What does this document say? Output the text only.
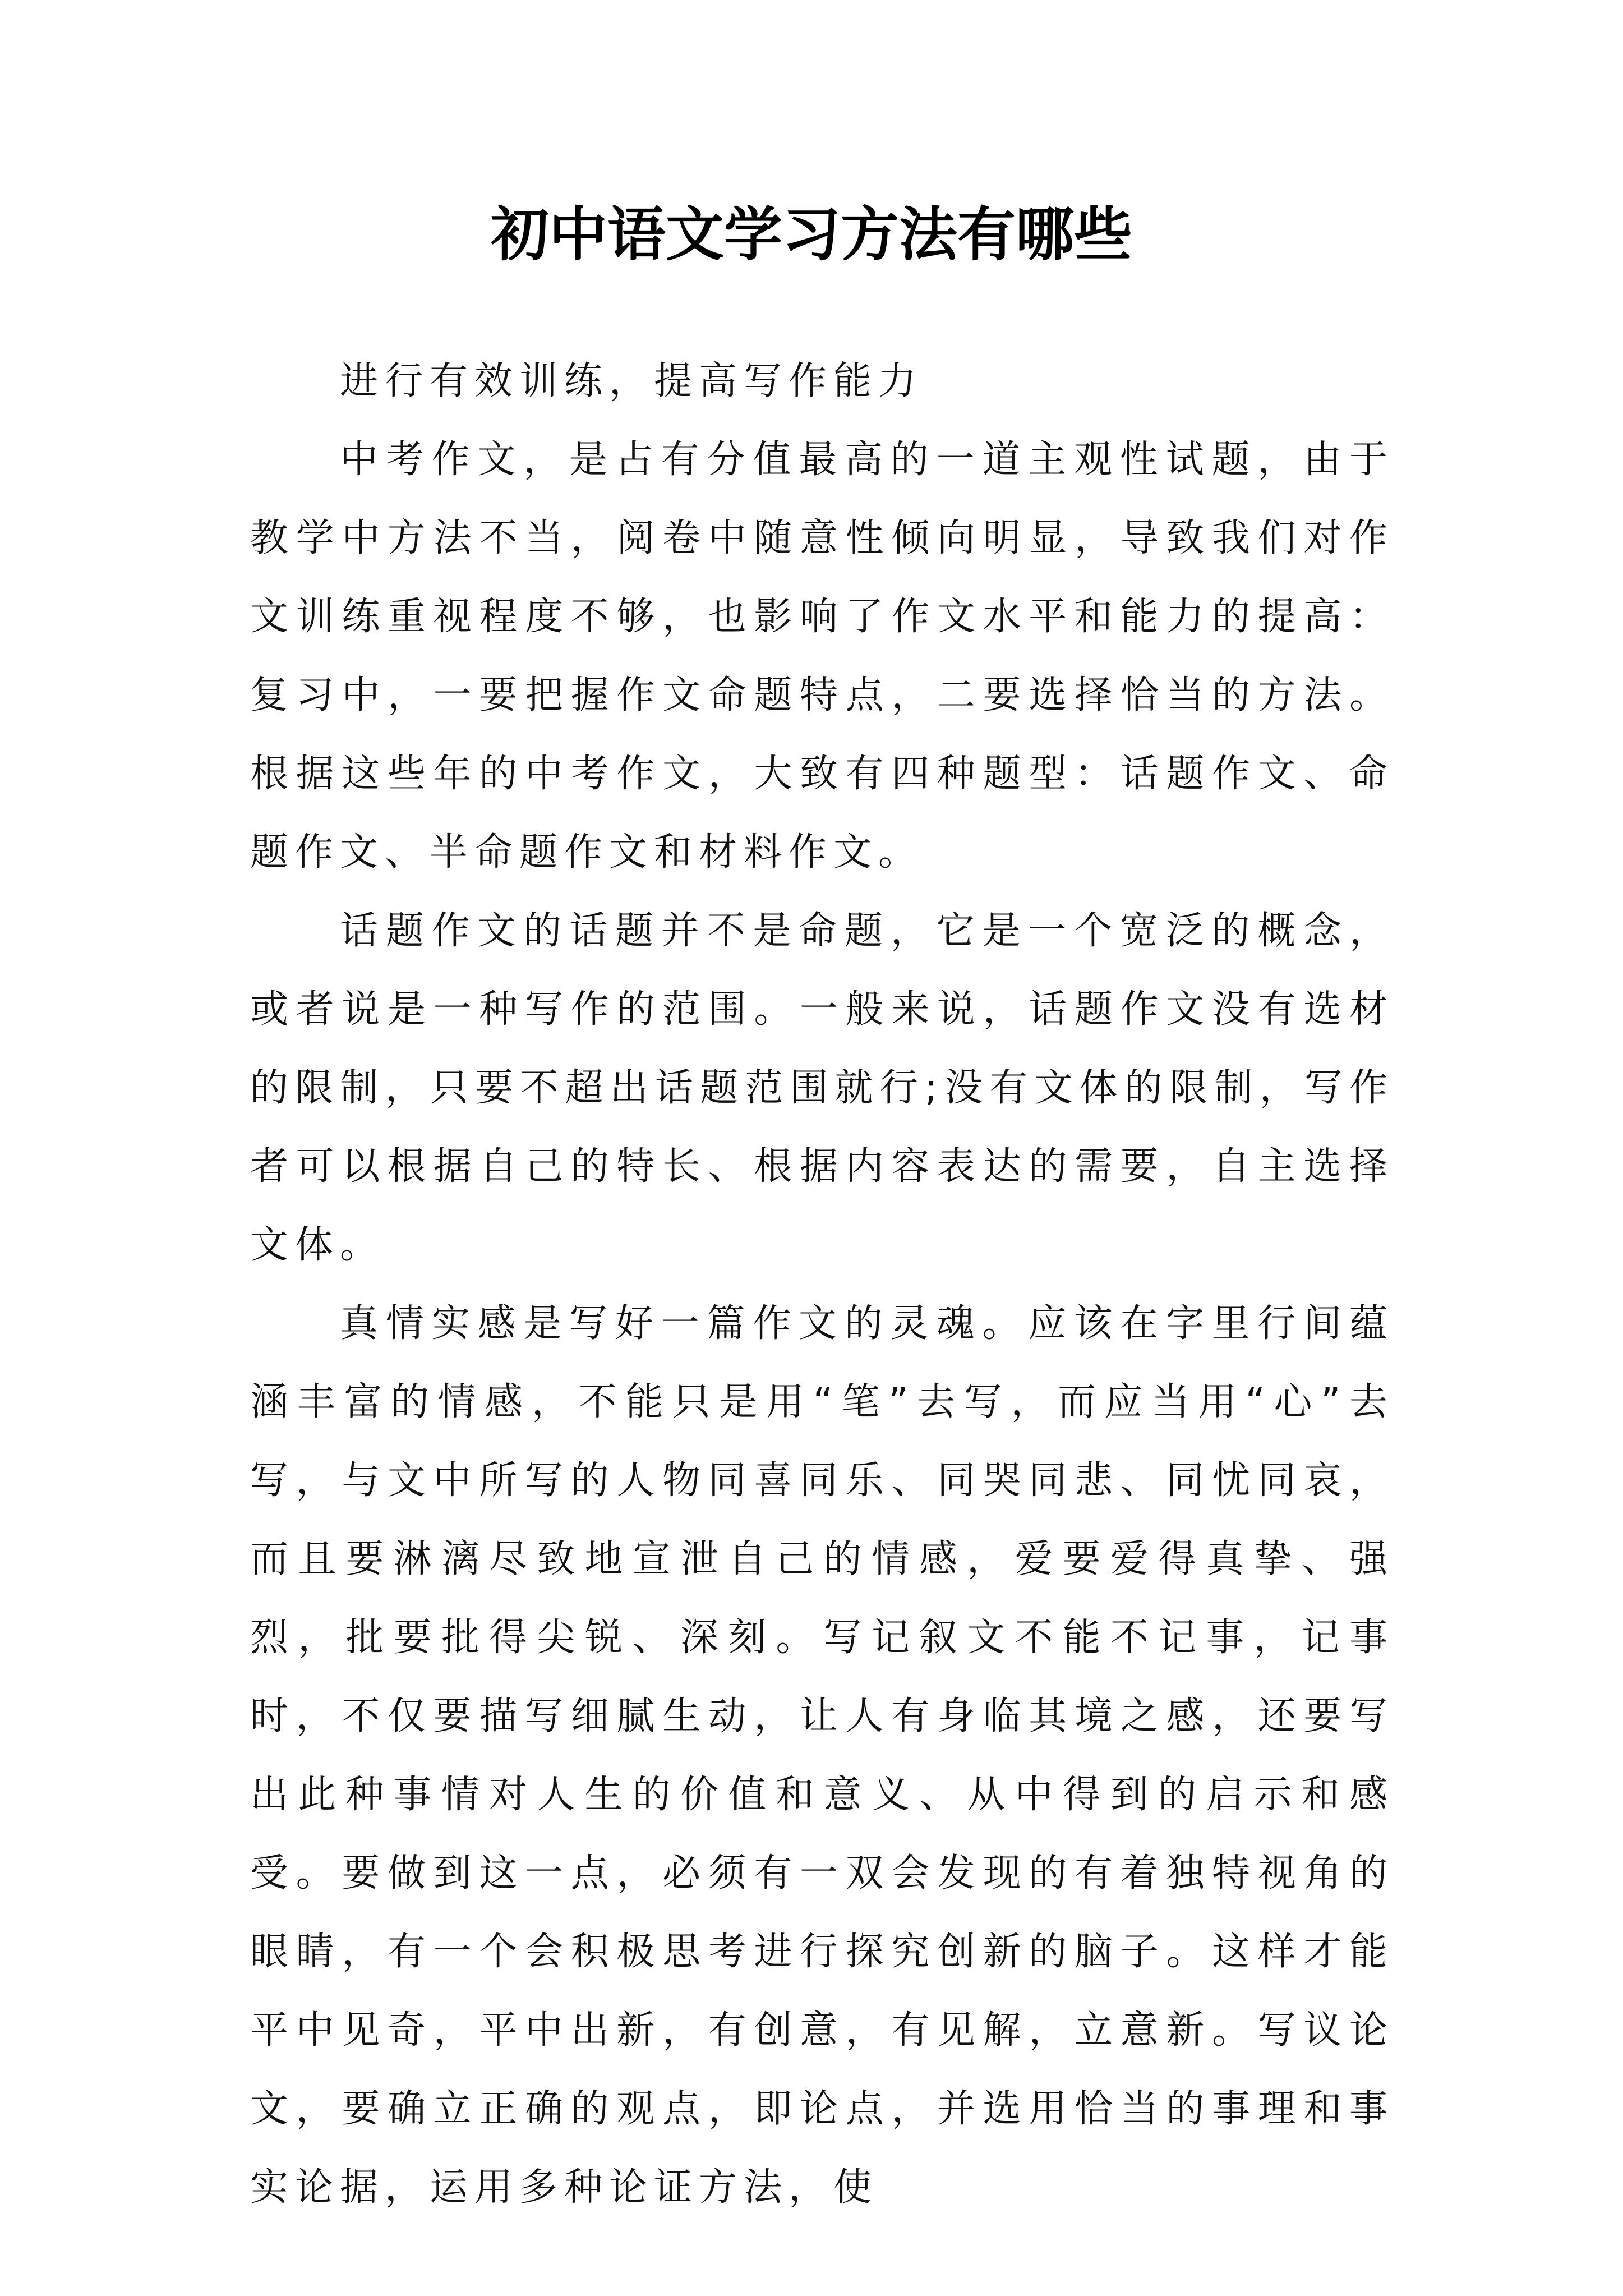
初中语文学习方法有哪些

进行有效训练，提高写作能力

中考作文，是占有分值最高的一道主观性试题，由于教学中方法不当，阅卷中随意性倾向明显，导致我们对作文训练重视程度不够，也影响了作文水平和能力的提高：复习中，一要把握作文命题特点，二要选择恰当的方法。根据这些年的中考作文，大致有四种题型：话题作文、命题作文、半命题作文和材料作文。

话题作文的话题并不是命题，它是一个宽泛的概念，或者说是一种写作的范围。一般来说，话题作文没有选材的限制，只要不超出话题范围就行;没有文体的限制，写作者可以根据自己的特长、根据内容表达的需要，自主选择文体。

真情实感是写好一篇作文的灵魂。应该在字里行间蕴涵丰富的情感，不能只是用“笔”去写，而应当用“心”去写，与文中所写的人物同喜同乐、同哭同悲、同忧同哀，而且要淋漓尽致地宣泄自己的情感，爱要爱得真挚、强烈，批要批得尖锐、深刻。写记叙文不能不记事，记事时，不仅要描写细腻生动，让人有身临其境之感，还要写出此种事情对人生的价值和意义、从中得到的启示和感受。要做到这一点，必须有一双会发现的有着独特视角的眼睛，有一个会积极思考进行探究创新的脑子。这样才能平中见奇，平中出新，有创意，有见解，立意新。写议论文，要确立正确的观点，即论点，并选用恰当的事理和事实论据，运用多种论证方法，使
